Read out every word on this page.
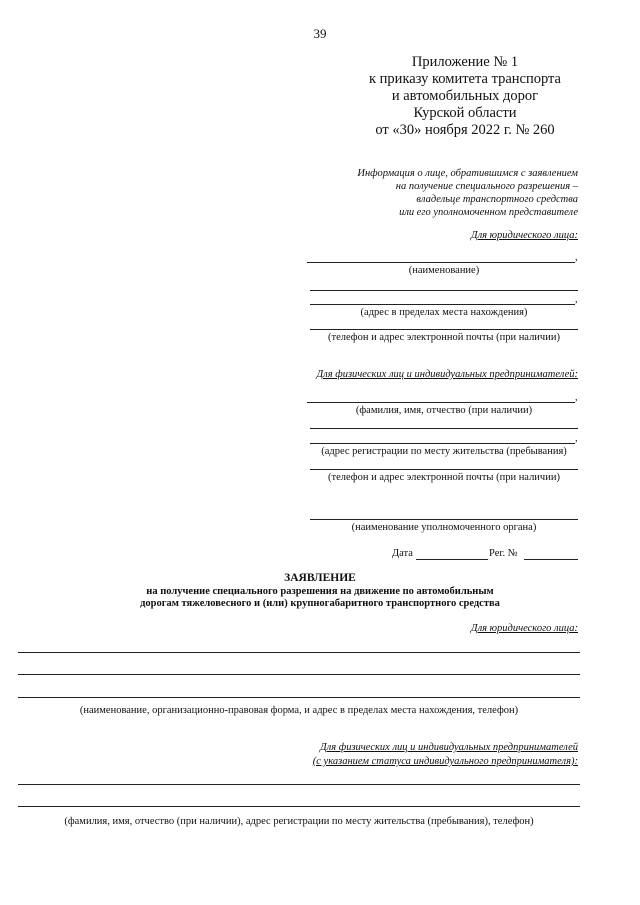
39
Приложение № 1
к приказу комитета транспорта
и автомобильных дорог
Курской области
от «30» ноября 2022 г. № 260
Информация о лице, обратившимся с заявлением
на получение специального разрешения –
владельце транспортного средства
или его уполномоченном представителе
Для юридического лица:
,
(наименование)
,
(адрес в пределах места нахождения)
(телефон и адрес электронной почты (при наличии)
Для физических лиц и индивидуальных предпринимателей:
,
(фамилия, имя, отчество (при наличии)
,
(адрес регистрации по месту жительства (пребывания)
(телефон и адрес электронной почты (при наличии)
(наименование уполномоченного органа)
Дата	Рег. №
ЗАЯВЛЕНИЕ
на получение специального разрешения на движение по автомобильным
дорогам тяжеловесного и (или) крупногабаритного транспортного средства
Для юридического лица:
(наименование, организационно-правовая форма, и адрес в пределах места нахождения, телефон)
Для физических лиц и индивидуальных предпринимателей
(с указанием статуса индивидуального предпринимателя):
(фамилия, имя, отчество (при наличии), адрес регистрации по месту жительства (пребывания), телефон)
